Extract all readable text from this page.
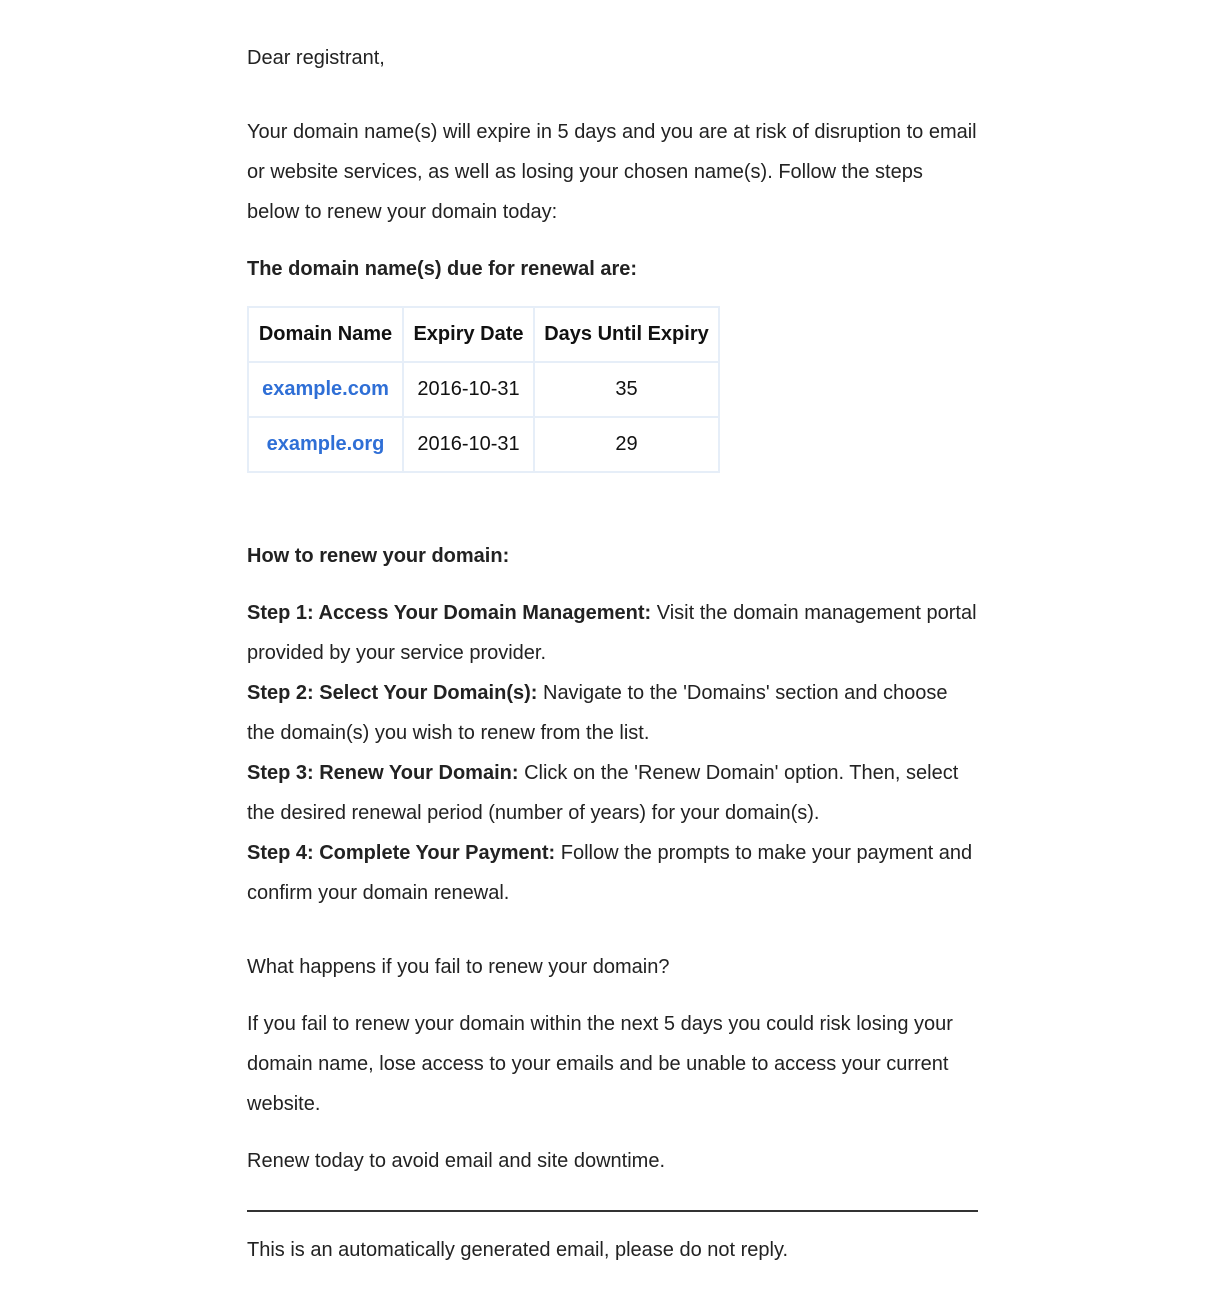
Dear registrant,

Your domain name(s) will expire in 5 days and you are at risk of disruption to email or website services, as well as losing your chosen name(s). Follow the steps below to renew your domain today:

The domain name(s) due for renewal are:

Domain Name	Expiry Date	Days Until Expiry
example.com	2016-10-31	35
example.org	2016-10-31	29

How to renew your domain:

Step 1: Access Your Domain Management: Visit the domain management portal provided by your service provider.
Step 2: Select Your Domain(s): Navigate to the 'Domains' section and choose the domain(s) you wish to renew from the list.
Step 3: Renew Your Domain: Click on the 'Renew Domain' option. Then, select the desired renewal period (number of years) for your domain(s).
Step 4: Complete Your Payment: Follow the prompts to make your payment and confirm your domain renewal.

What happens if you fail to renew your domain?

If you fail to renew your domain within the next 5 days you could risk losing your domain name, lose access to your emails and be unable to access your current website.

Renew today to avoid email and site downtime.

This is an automatically generated email, please do not reply.
